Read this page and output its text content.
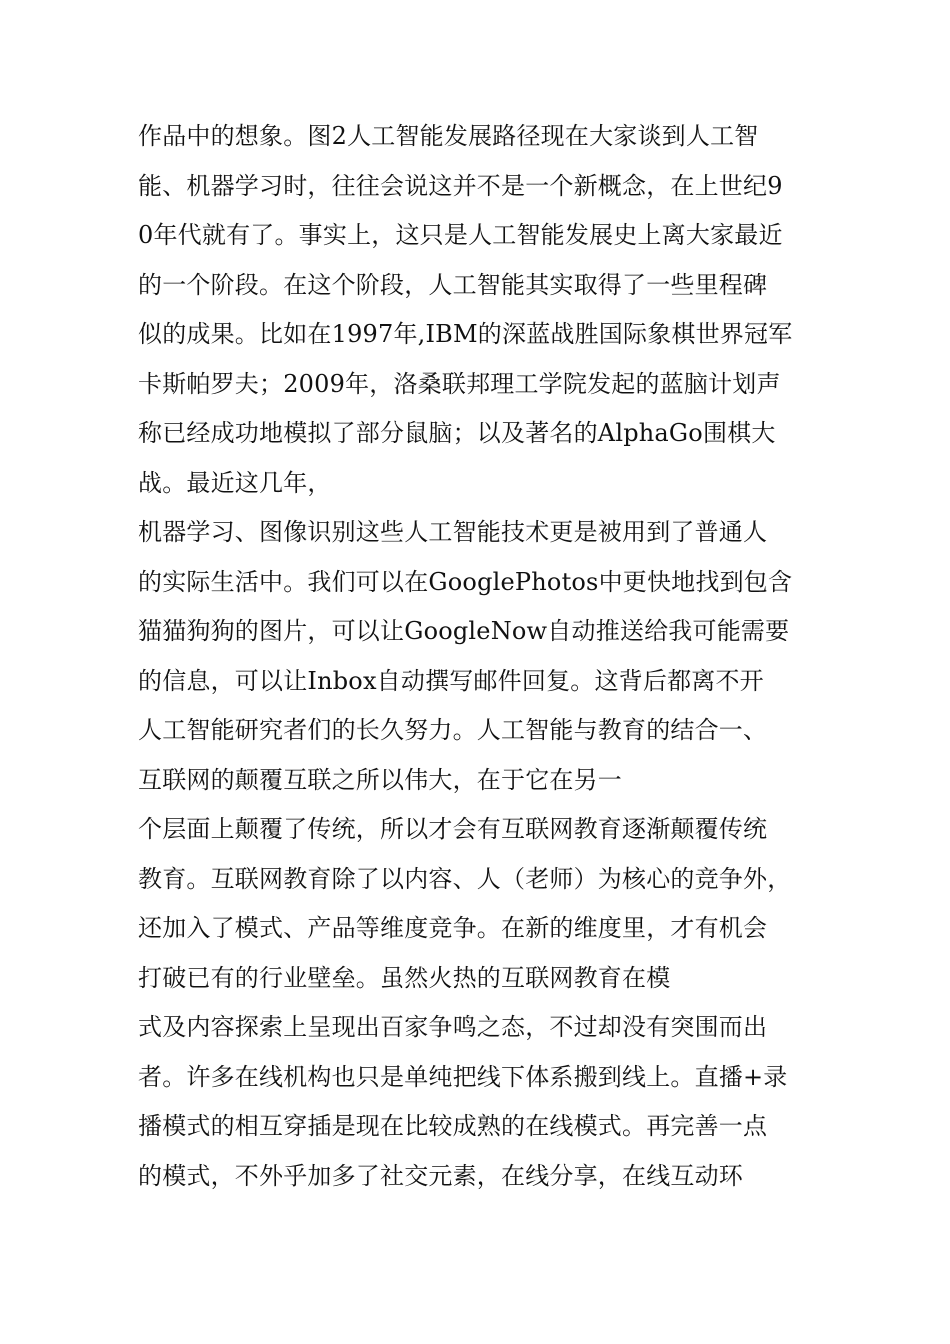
作品中的想象。图2人工智能发展路径现在大家谈到人工智
能、机器学习时，往往会说这并不是一个新概念，在上世纪9
0年代就有了。事实上，这只是人工智能发展史上离大家最近
的一个阶段。在这个阶段，人工智能其实取得了一些里程碑
似的成果。比如在1997年,IBM的深蓝战胜国际象棋世界冠军
卡斯帕罗夫；2009年，洛桑联邦理工学院发起的蓝脑计划声
称已经成功地模拟了部分鼠脑；以及著名的AlphaGo围棋大
战。最近这几年，
机器学习、图像识别这些人工智能技术更是被用到了普通人
的实际生活中。我们可以在GooglePhotos中更快地找到包含
猫猫狗狗的图片，可以让GoogleNow自动推送给我可能需要
的信息，可以让Inbox自动撰写邮件回复。这背后都离不开
人工智能研究者们的长久努力。人工智能与教育的结合一、
互联网的颠覆互联之所以伟大，在于它在另一
个层面上颠覆了传统，所以才会有互联网教育逐渐颠覆传统
教育。互联网教育除了以内容、人（老师）为核心的竞争外，
还加入了模式、产品等维度竞争。在新的维度里，才有机会
打破已有的行业壁垒。虽然火热的互联网教育在模
式及内容探索上呈现出百家争鸣之态，不过却没有突围而出
者。许多在线机构也只是单纯把线下体系搬到线上。直播+录
播模式的相互穿插是现在比较成熟的在线模式。再完善一点
的模式，不外乎加多了社交元素，在线分享，在线互动环
